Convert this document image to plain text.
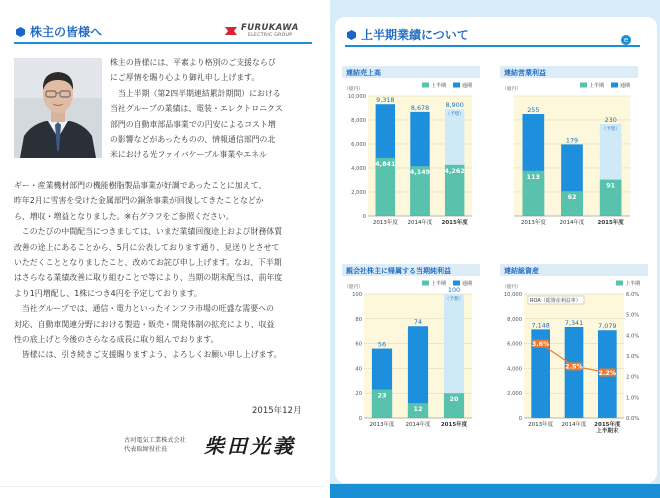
株主の皆様へ	FURUKAWA
ELECTRIC GROUP

株主の皆様には、平素より格別のご支援ならび

にご厚情を賜り心より御礼申し上げます。

　当上半期（第2四半期連結累計期間）における

当社グループの業績は、電装・エレクトロニクス

部門の自動車部品事業での円安によるコスト増

の影響などがあったものの、情報通信部門の北

米における光ファイバケーブル事業やエネル

ギー・産業機材部門の機能樹脂製品事業が好調であったことに加えて、

昨年2月に雪害を受けた金属部門の銅条事業が回復してきたことなどか

ら、増収・増益となりました。※右グラフをご参照ください。

　このたびの中間配当につきましては、いまだ業績回復途上および財務体質

改善の途上にあることから、5月に公表しております通り、見送りとさせて

いただくこととなりましたこと、改めてお詫び申し上げます。なお、下半期

はさらなる業績改善に取り組むことで等により、当期の期末配当は、前年度

より1円増配し、1株につき4円を予定しております。

　当社グループでは、通信・電力といったインフラ市場の旺盛な需要への

対応、自動車関連分野における製造・販売・開発体制の拡充により、収益

性の底上げと今後のさらなる成長に取り組んでおります。

　皆様には、引き続きご支援賜りますよう、よろしくお願い申し上げます。

2015年12月
古河電気工業株式会社
代表取締役社長	柴田光義
上半期業績について	e
連結売上高
（億円）
通期
上半期
10,000
8,000
6,000
4,000
2,000
0
9,318
4,841
2013年度
8,678
4,149
2014年度
8,900
（予想）
4,262
2015年度
連結営業利益
（億円）
通期
上半期
255
113
2013年度
179
62
2014年度
230
（予想）
91
2015年度
親会社株主に帰属する当期純利益
（億円）
通期
上半期
100
80
60
40
20
0
56
23
2013年度
74
12
2014年度
100
（予想）
20
2015年度
連結総資産
（億円）
上半期
10,000
8,000
6,000
4,000
2,000
0
6.0%
5.0%
4.0%
3.0%
2.0%
1.0%
0.0%
7,148
2013年度
7,341
2014年度
7,079
2015年度
上半期末
3.6%
2.5%
2.2%
ROA（総資産利益率）
